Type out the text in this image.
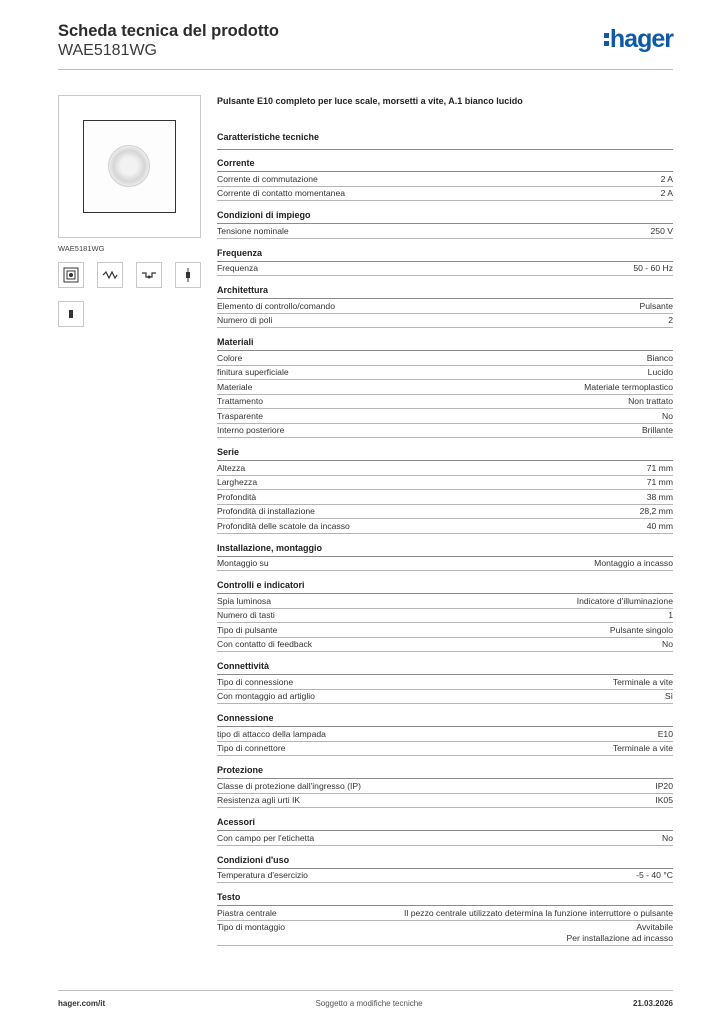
Scheda tecnica del prodotto
WAE5181WG	hager
WAE5181WG
Pulsante E10 completo per luce scale, morsetti a vite, A.1 bianco lucido
Caratteristiche tecniche
Corrente
Corrente di commutazione	2 A
Corrente di contatto momentanea	2 A
Condizioni di impiego
Tensione nominale	250 V
Frequenza
Frequenza	50 - 60 Hz
Architettura
Elemento di controllo/comando	Pulsante
Numero di poli	2
Materiali
Colore	Bianco
finitura superficiale	Lucido
Materiale	Materiale termoplastico
Trattamento	Non trattato
Trasparente	No
Interno posteriore	Brillante
Serie
Altezza	71 mm
Larghezza	71 mm
Profondità	38 mm
Profondità di installazione	28,2 mm
Profondità delle scatole da incasso	40 mm
Installazione, montaggio
Montaggio su	Montaggio a incasso
Controlli e indicatori
Spia luminosa	Indicatore d'illuminazione
Numero di tasti	1
Tipo di pulsante	Pulsante singolo
Con contatto di feedback	No
Connettività
Tipo di connessione	Terminale a vite
Con montaggio ad artiglio	Sì
Connessione
tipo di attacco della lampada	E10
Tipo di connettore	Terminale a vite
Protezione
Classe di protezione dall'ingresso (IP)	IP20
Resistenza agli urti IK	IK05
Acessori
Con campo per l'etichetta	No
Condizioni d'uso
Temperatura d'esercizio	-5 - 40 °C
Testo
Piastra centrale	Il pezzo centrale utilizzato determina la funzione interruttore o pulsante
Tipo di montaggio	Avvitabile
Per installazione ad incasso
hager.com/it	Soggetto a modifiche tecniche	21.03.2026
